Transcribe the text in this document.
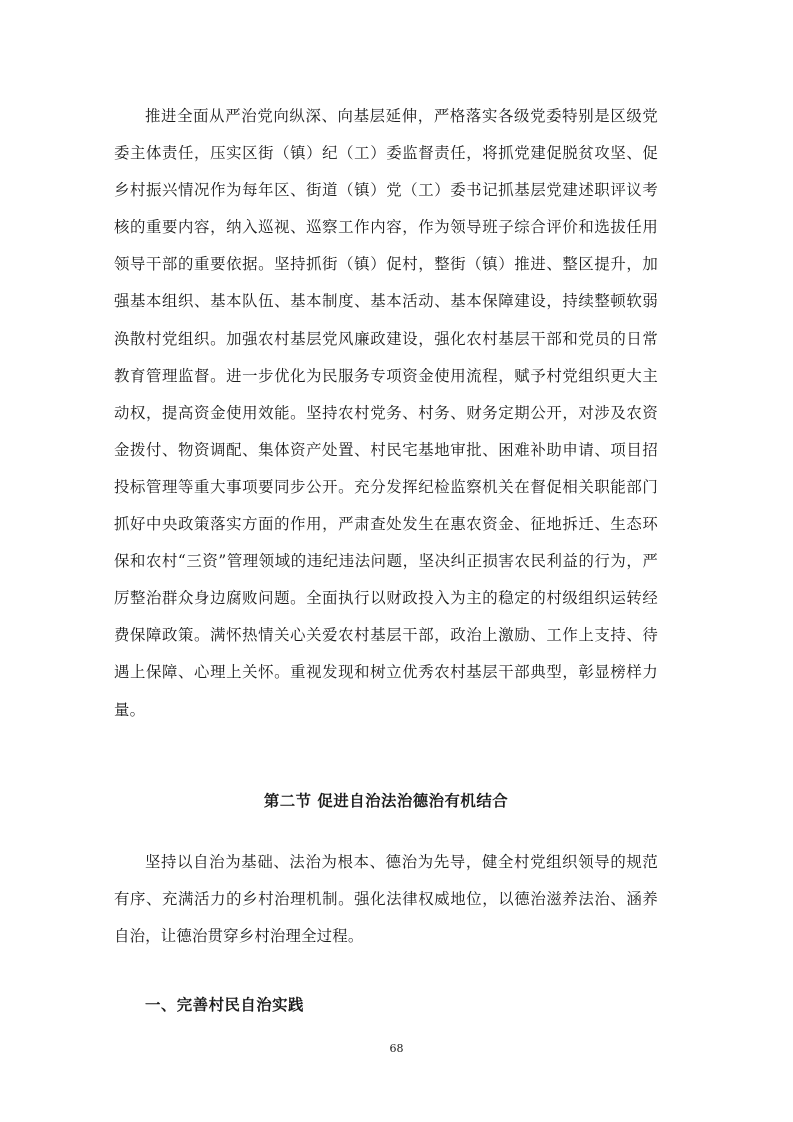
推进全面从严治党向纵深、向基层延伸，严格落实各级党委特别是区级党委主体责任，压实区街（镇）纪（工）委监督责任，将抓党建促脱贫攻坚、促乡村振兴情况作为每年区、街道（镇）党（工）委书记抓基层党建述职评议考核的重要内容，纳入巡视、巡察工作内容，作为领导班子综合评价和选拔任用领导干部的重要依据。坚持抓街（镇）促村，整街（镇）推进、整区提升，加强基本组织、基本队伍、基本制度、基本活动、基本保障建设，持续整顿软弱涣散村党组织。加强农村基层党风廉政建设，强化农村基层干部和党员的日常教育管理监督。进一步优化为民服务专项资金使用流程，赋予村党组织更大主动权，提高资金使用效能。坚持农村党务、村务、财务定期公开，对涉及农资金拨付、物资调配、集体资产处置、村民宅基地审批、困难补助申请、项目招投标管理等重大事项要同步公开。充分发挥纪检监察机关在督促相关职能部门抓好中央政策落实方面的作用，严肃查处发生在惠农资金、征地拆迁、生态环保和农村“三资”管理领域的违纪违法问题，坚决纠正损害农民利益的行为，严厉整治群众身边腐败问题。全面执行以财政投入为主的稳定的村级组织运转经费保障政策。满怀热情关心关爱农村基层干部，政治上激励、工作上支持、待遇上保障、心理上关怀。重视发现和树立优秀农村基层干部典型，彰显榜样力量。

第二节 促进自治法治德治有机结合

坚持以自治为基础、法治为根本、德治为先导，健全村党组织领导的规范有序、充满活力的乡村治理机制。强化法律权威地位，以德治滋养法治、涵养自治，让德治贯穿乡村治理全过程。

一、完善村民自治实践
68
